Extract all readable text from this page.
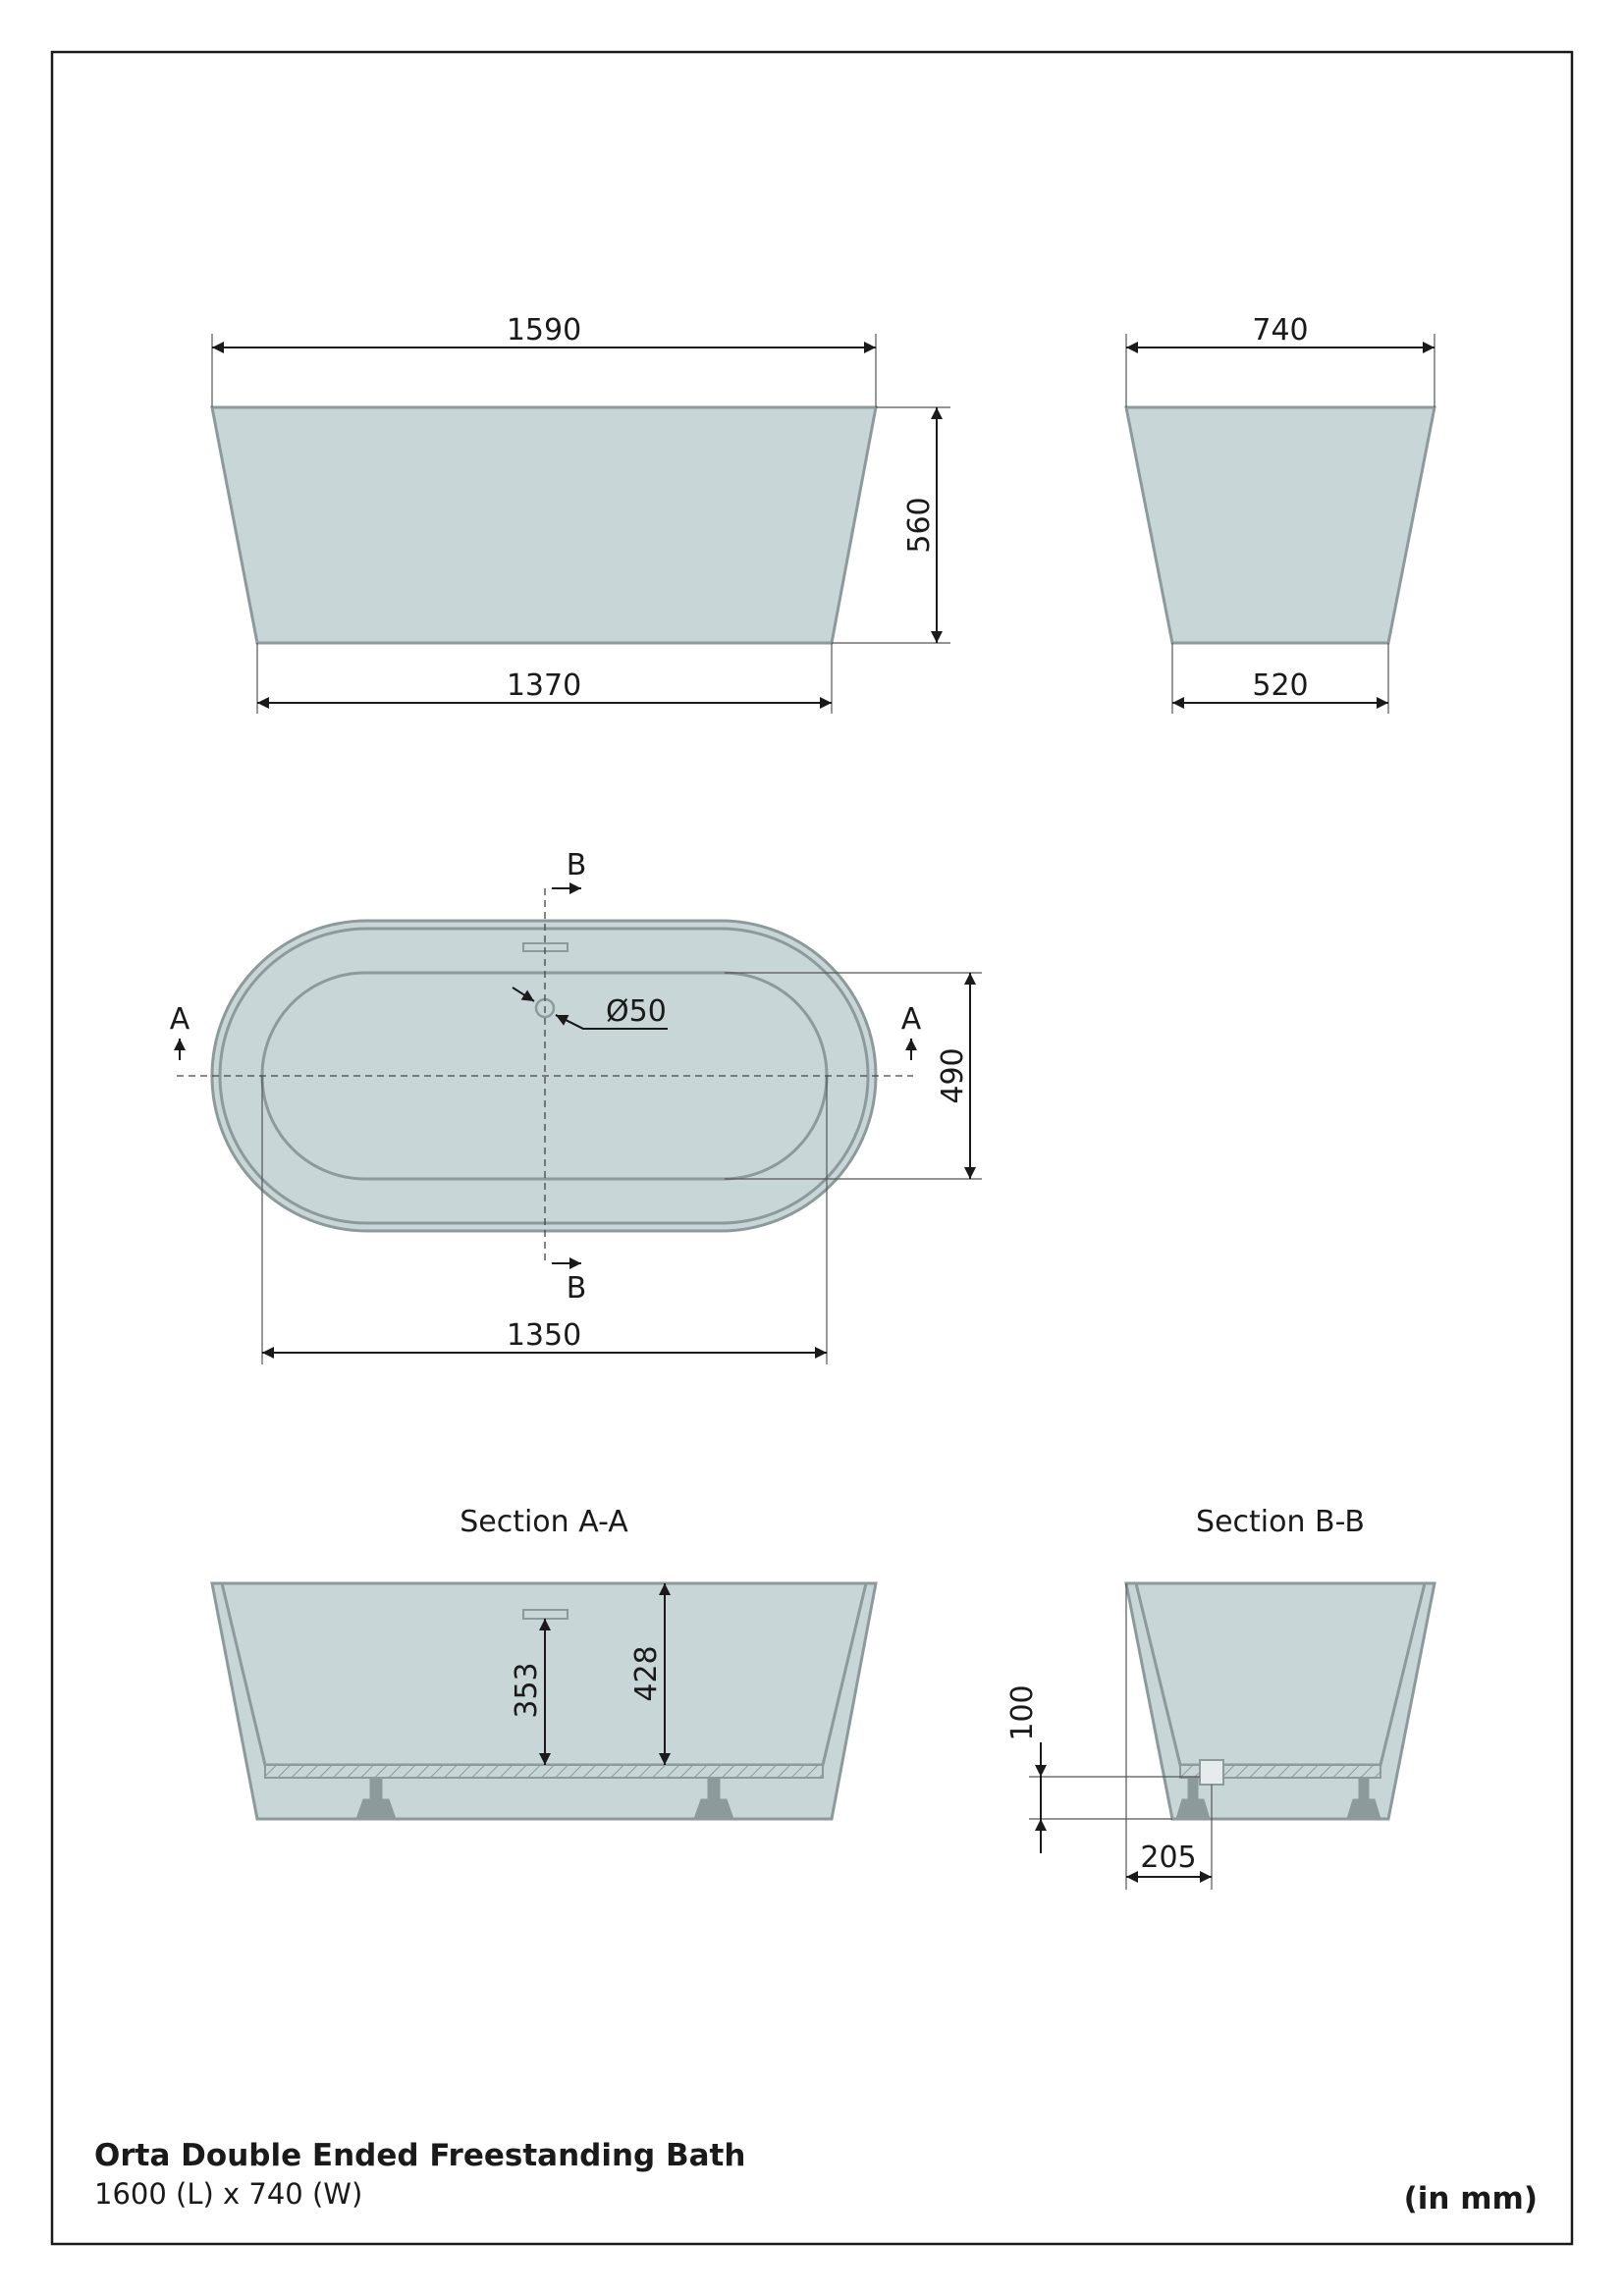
1590
560
1370
740
520
A	A
B
B
Ø50
490
1350
Section A-A
353	428
Section B-B
100
205
Orta Double Ended Freestanding Bath
1600 (L) x 740 (W)	(in mm)
